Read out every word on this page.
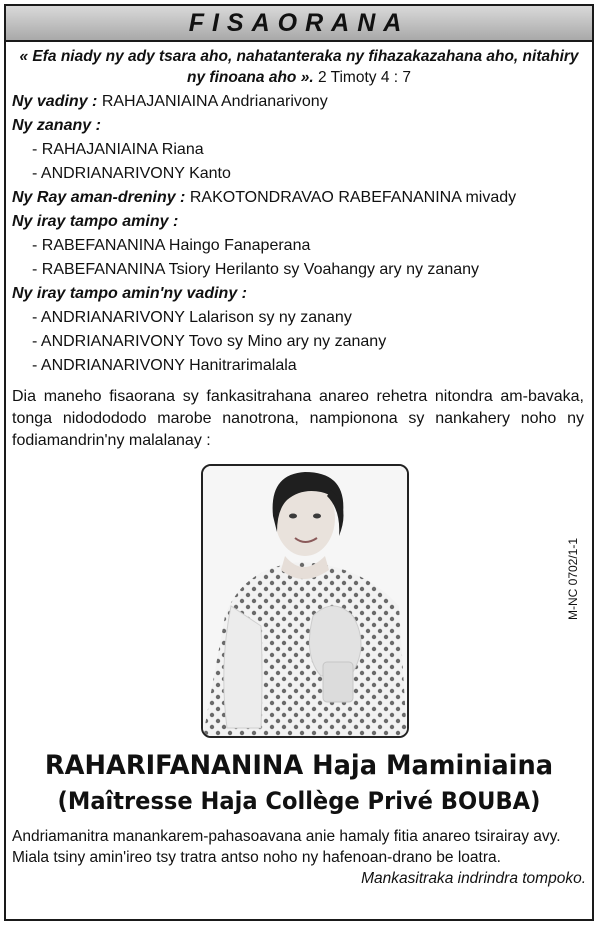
FISAORANA
« Efa niady ny ady tsara aho, nahatanteraka ny fihazakazahana aho, nitahiry ny finoana aho ». 2 Timoty 4 : 7
Ny vadiny : RAHAJANIAINA Andrianarivony
Ny zanany :
- RAHAJANIAINA Riana
- ANDRIANARIVONY Kanto
Ny Ray aman-dreniny : RAKOTONDRAVAO RABEFANANINA mivady
Ny iray tampo aminy :
- RABEFANANINA Haingo Fanaperana
- RABEFANANINA Tsiory Herilanto sy Voahangy ary ny zanany
Ny iray tampo amin'ny vadiny :
- ANDRIANARIVONY Lalarison sy ny zanany
- ANDRIANARIVONY Tovo sy Mino ary ny zanany
- ANDRIANARIVONY Hanitrarimalala
Dia maneho fisaorana sy fankasitrahana anareo rehetra nitondra am-bavaka, tonga nidodododo marobe nanotrona, nampionona sy nankahery noho ny fodiamandrin'ny malalanay :
M-NC 0702/1-1
RAHARIFANANINA Haja Maminiaina
(Maîtresse Haja Collège Privé BOUBA)
Andriamanitra manankarem-pahasoavana anie hamaly fitia anareo tsirairay avy.
Miala tsiny amin'ireo tsy tratra antso noho ny hafenoan-drano be loatra.
Mankasitraka indrindra tompoko.
